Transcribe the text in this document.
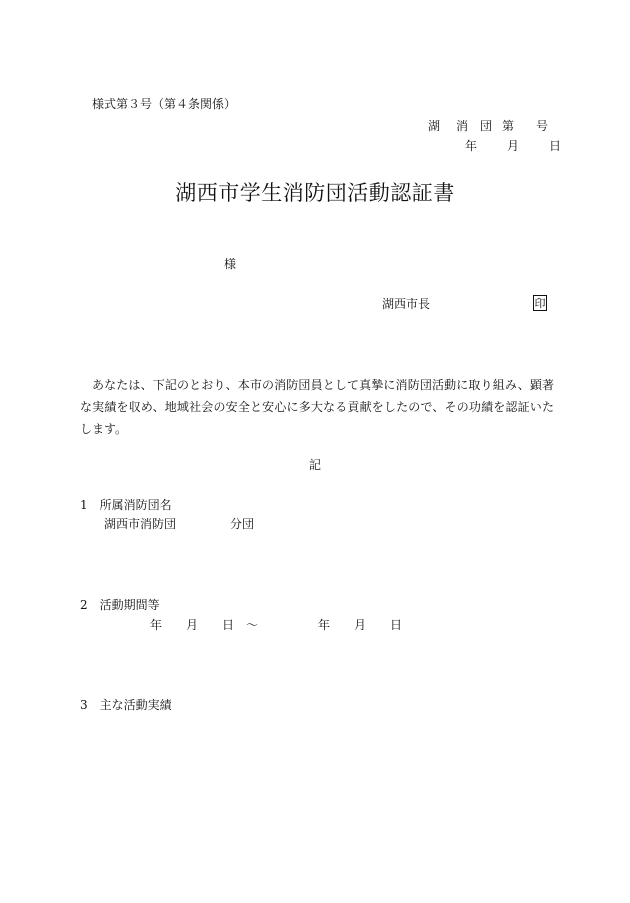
様式第３号（第４条関係）
湖 消 団 第 号
年　　月　　日
湖西市学生消防団活動認証書
様
湖西市長	印
あなたは、下記のとおり、本市の消防団員として真摯に消防団活動に取り組み、顕著な実績を収め、地域社会の安全と安心に多大なる貢献をしたので、その功績を認証いたします。
記
1　所属消防団名
湖西市消防団	分団
2　活動期間等
年　　月　　日　～　　　　　年　　月　　日
3　主な活動実績
